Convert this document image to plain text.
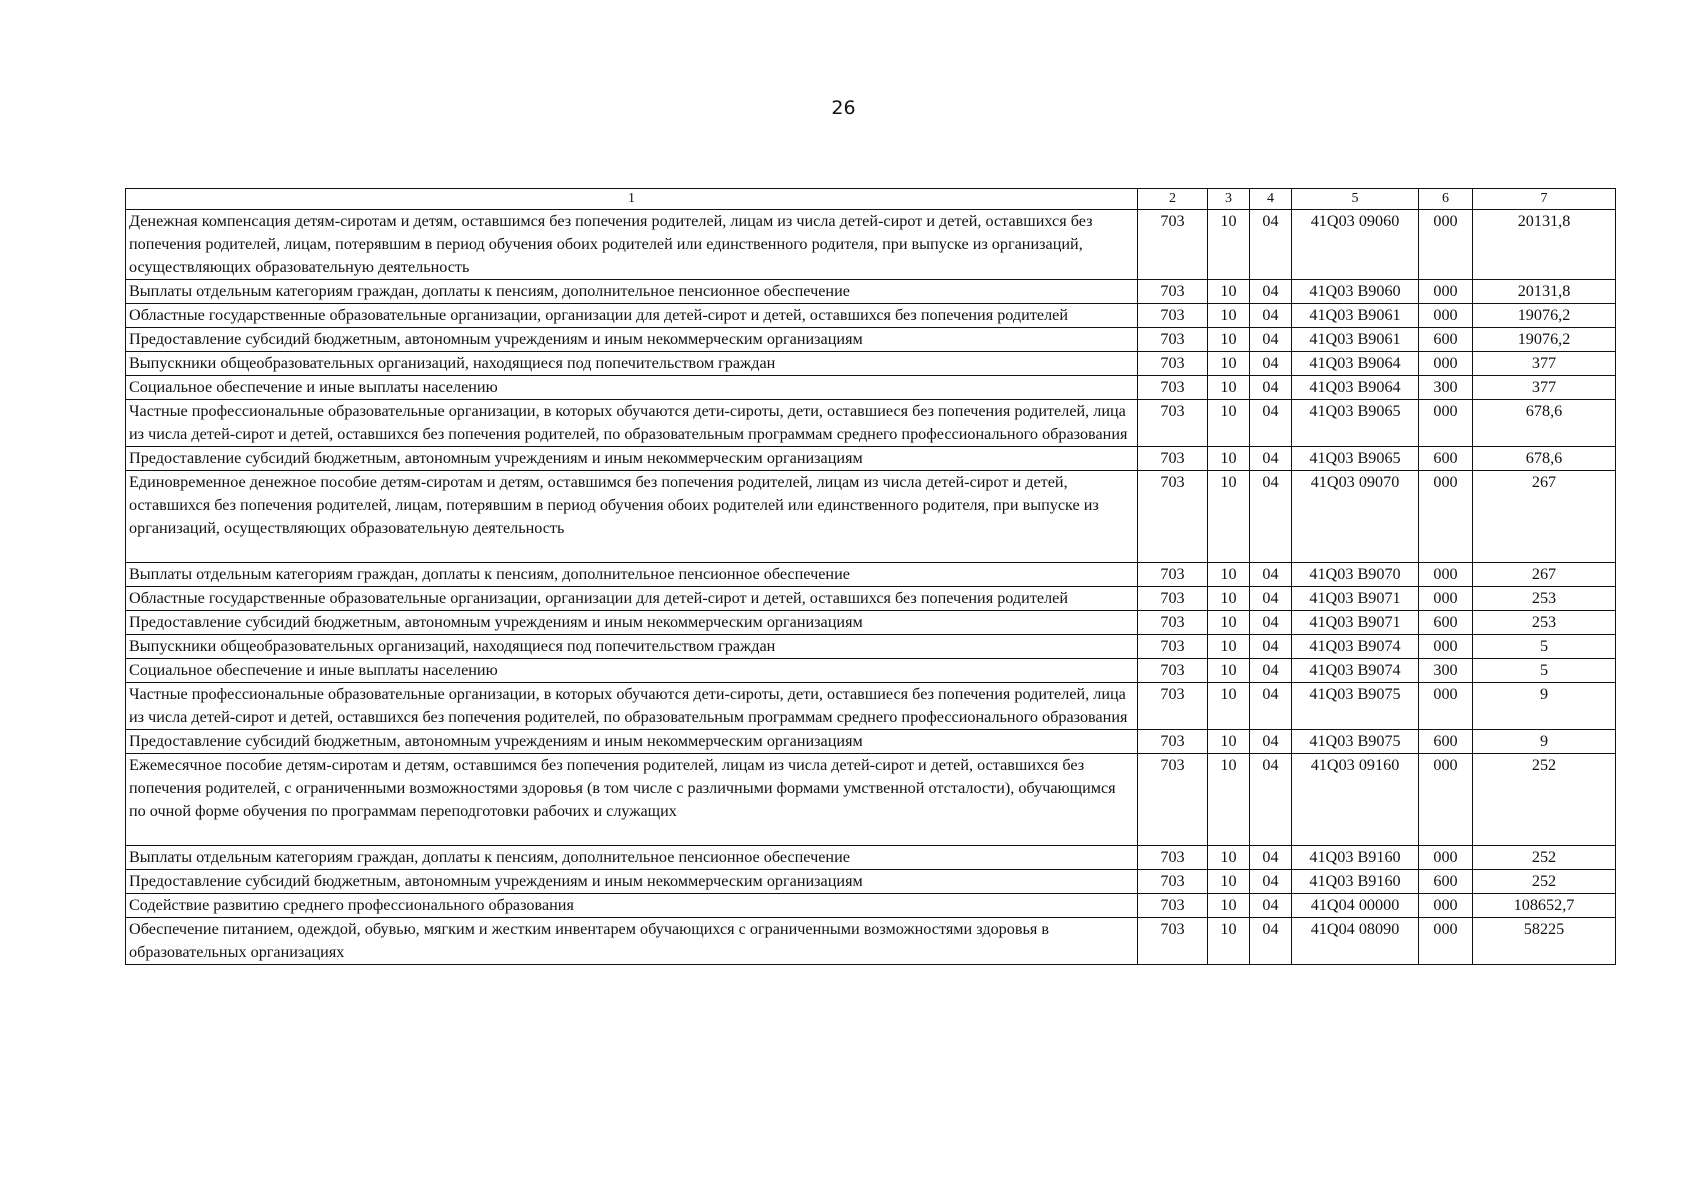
26
1	2	3	4	5	6	7
Денежная компенсация детям-сиротам и детям, оставшимся без попечения родителей, лицам из числа детей-сирот и детей, оставшихся без попечения родителей, лицам, потерявшим в период обучения обоих родителей или единственного родителя, при выпуске из организаций, осуществляющих образовательную деятельность	703	10	04	41Q03 09060	000	20131,8
Выплаты отдельным категориям граждан, доплаты к пенсиям, дополнительное пенсионное обеспечение	703	10	04	41Q03 B9060	000	20131,8
Областные государственные образовательные организации, организации для детей-сирот и детей, оставшихся без попечения родителей	703	10	04	41Q03 B9061	000	19076,2
Предоставление субсидий бюджетным, автономным учреждениям и иным некоммерческим организациям	703	10	04	41Q03 B9061	600	19076,2
Выпускники общеобразовательных организаций, находящиеся под попечительством граждан	703	10	04	41Q03 B9064	000	377
Социальное обеспечение и иные выплаты населению	703	10	04	41Q03 B9064	300	377
Частные профессиональные образовательные организации, в которых обучаются дети-сироты, дети, оставшиеся без попечения родителей, лица из числа детей-сирот и детей, оставшихся без попечения родителей, по образовательным программам среднего профессионального образования	703	10	04	41Q03 B9065	000	678,6
Предоставление субсидий бюджетным, автономным учреждениям и иным некоммерческим организациям	703	10	04	41Q03 B9065	600	678,6
Единовременное денежное пособие детям-сиротам и детям, оставшимся без попечения родителей, лицам из числа детей-сирот и детей, оставшихся без попечения родителей, лицам, потерявшим в период обучения обоих родителей или единственного родителя, при выпуске из организаций, осуществляющих образовательную деятельность	703	10	04	41Q03 09070	000	267
Выплаты отдельным категориям граждан, доплаты к пенсиям, дополнительное пенсионное обеспечение	703	10	04	41Q03 B9070	000	267
Областные государственные образовательные организации, организации для детей-сирот и детей, оставшихся без попечения родителей	703	10	04	41Q03 B9071	000	253
Предоставление субсидий бюджетным, автономным учреждениям и иным некоммерческим организациям	703	10	04	41Q03 B9071	600	253
Выпускники общеобразовательных организаций, находящиеся под попечительством граждан	703	10	04	41Q03 B9074	000	5
Социальное обеспечение и иные выплаты населению	703	10	04	41Q03 B9074	300	5
Частные профессиональные образовательные организации, в которых обучаются дети-сироты, дети, оставшиеся без попечения родителей, лица из числа детей-сирот и детей, оставшихся без попечения родителей, по образовательным программам среднего профессионального образования	703	10	04	41Q03 B9075	000	9
Предоставление субсидий бюджетным, автономным учреждениям и иным некоммерческим организациям	703	10	04	41Q03 B9075	600	9
Ежемесячное пособие детям-сиротам и детям, оставшимся без попечения родителей, лицам из числа детей-сирот и детей, оставшихся без попечения родителей, с ограниченными возможностями здоровья (в том числе с различными формами умственной отсталости), обучающимся по очной форме обучения по программам переподготовки рабочих и служащих	703	10	04	41Q03 09160	000	252
Выплаты отдельным категориям граждан, доплаты к пенсиям, дополнительное пенсионное обеспечение	703	10	04	41Q03 B9160	000	252
Предоставление субсидий бюджетным, автономным учреждениям и иным некоммерческим организациям	703	10	04	41Q03 B9160	600	252
Содействие развитию среднего профессионального образования	703	10	04	41Q04 00000	000	108652,7
Обеспечение питанием, одеждой, обувью, мягким и жестким инвентарем обучающихся с ограниченными возможностями здоровья в образовательных организациях	703	10	04	41Q04 08090	000	58225
